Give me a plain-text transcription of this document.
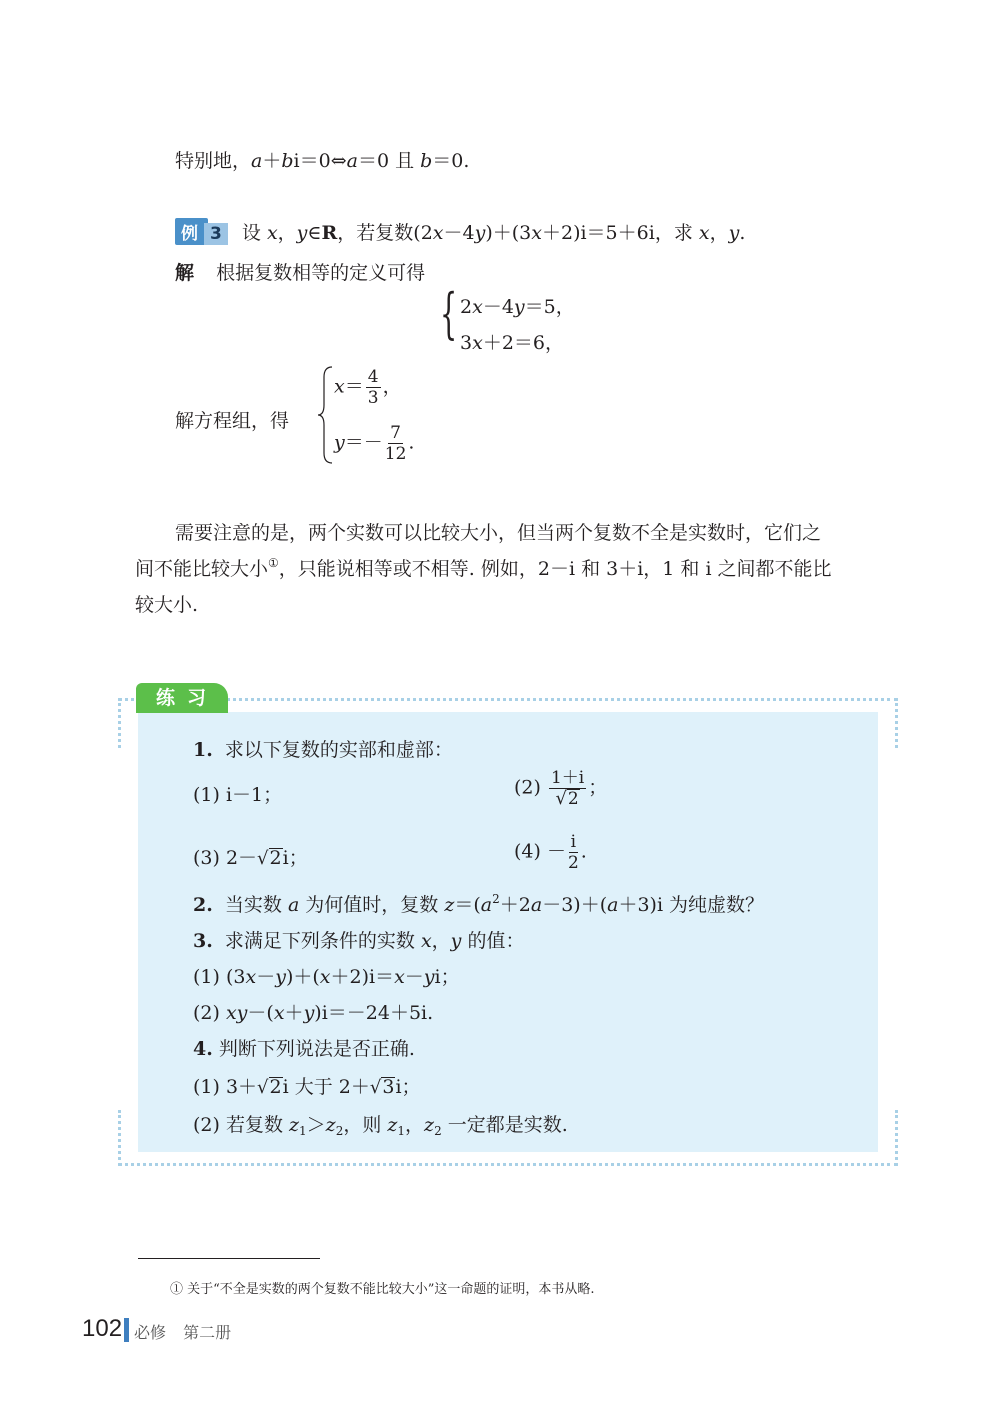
特别地，a＋bi＝0⇔a＝0 且 b＝0.
例 3 设 x，y∈R，若复数(2x－4y)＋(3x＋2)i＝5＋6i，求 x，y.
解 根据复数相等的定义可得
{ 2x－4y＝5，
3x＋2＝6，
解方程组，得
$x= \frac{4}{3}$ ，
$y=- \frac{7}{12}$ .
需要注意的是，两个实数可以比较大小，但当两个复数不全是实数时，它们之
间不能比较大小①，只能说相等或不相等. 例如，2－i 和 3＋i，1 和 i 之间都不能比
较大小.
练习
1. 求以下复数的实部和虚部：
(1) i－1；	$(2) \frac{1+i}{√2}$ ；
(3) 2－√2i；	$(4) - \frac{i}{2}$ .
2. 当实数 a 为何值时，复数 $z=(a^2+2a-3)+(a+3)i$ 为纯虚数？
3. 求满足下列条件的实数 x，y 的值：
(1) (3x－y)＋(x＋2)i＝x－yi；
(2) xy－(x＋y)i＝－24＋5i.
4. 判断下列说法是否正确.
(1) 3＋√2i 大于 2＋√3i；
(2) 若复数 $z_1>z_2$，则 $z_1$，$z_2$ 一定都是实数.
① 关于“不全是实数的两个复数不能比较大小”这一命题的证明，本书从略.
102 必修 第二册
